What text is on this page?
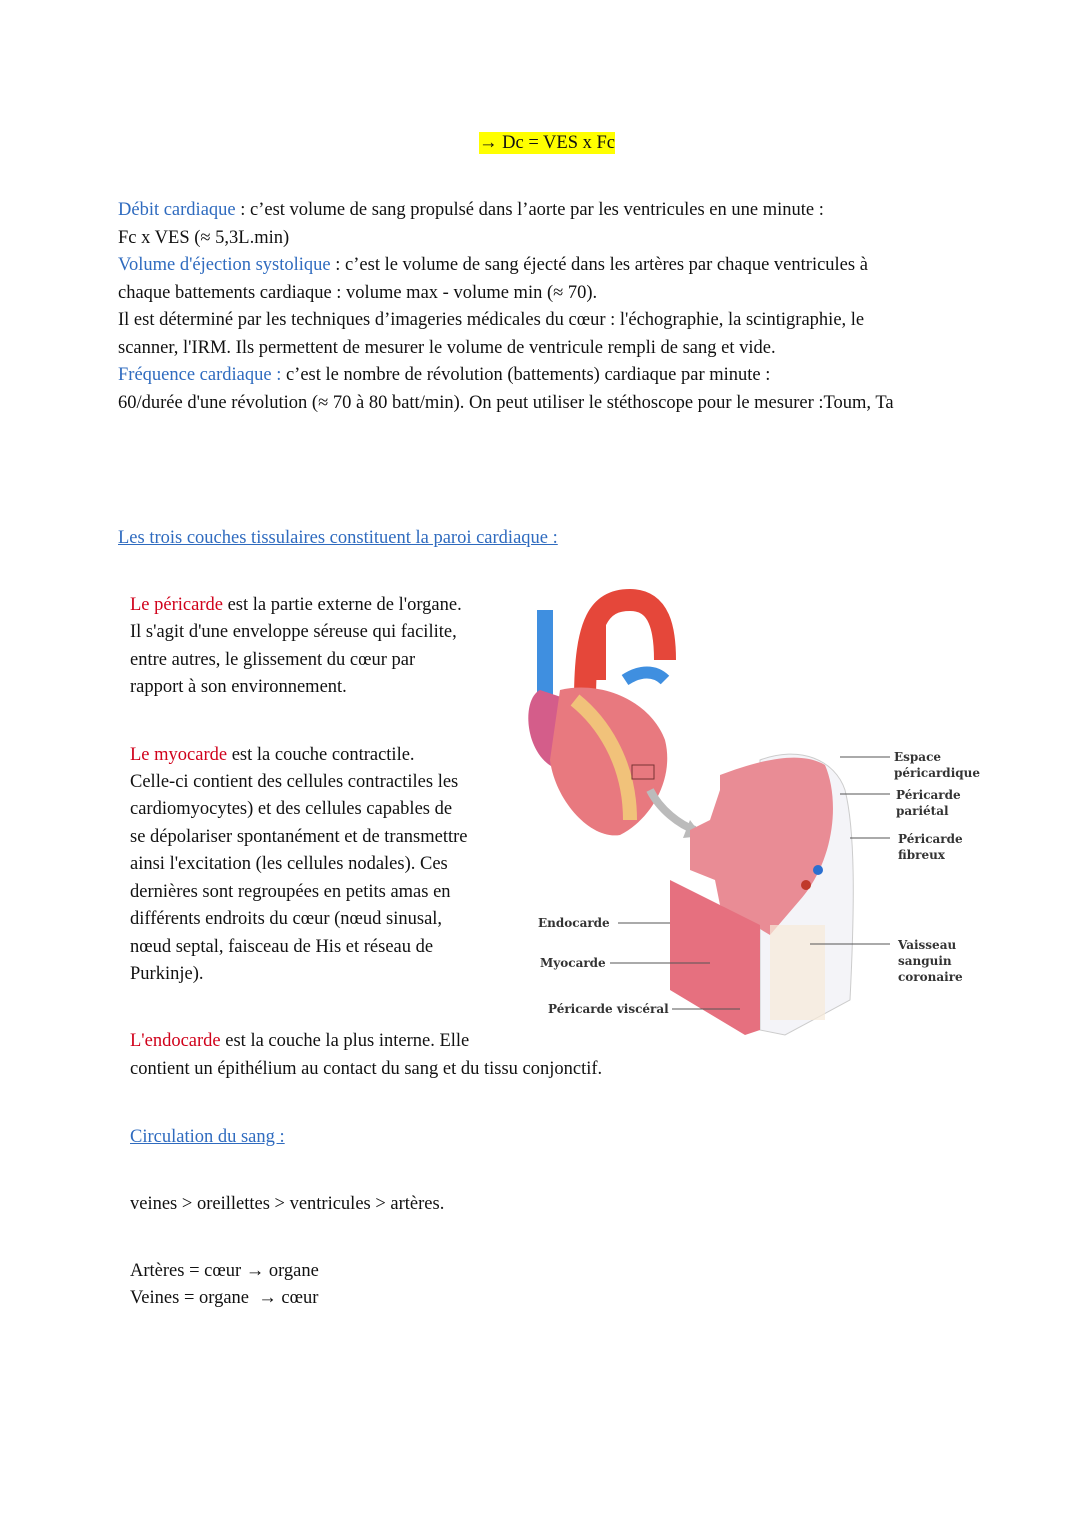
→ Dc = VES x Fc
Débit cardiaque : c’est volume de sang propulsé dans l’aorte par les ventricules en une minute :
Fc x VES (≈ 5,3L.min)
Volume d'éjection systolique : c’est le volume de sang éjecté dans les artères par chaque ventricules à
chaque battements cardiaque : volume max - volume min (≈ 70).
Il est déterminé par les techniques d’imageries médicales du cœur : l'échographie, la scintigraphie, le
scanner, l'IRM. Ils permettent de mesurer le volume de ventricule rempli de sang et vide.
Fréquence cardiaque : c’est le nombre de révolution (battements) cardiaque par minute :
60/durée d'une révolution (≈ 70 à 80 batt/min). On peut utiliser le stéthoscope pour le mesurer :Toum, Ta
Les trois couches tissulaires constituent la paroi cardiaque :
Le péricarde est la partie externe de l'organe.
Il s'agit d'une enveloppe séreuse qui facilite,
entre autres, le glissement du cœur par
rapport à son environnement.
Le myocarde est la couche contractile.
Celle-ci contient des cellules contractiles les
cardiomyocytes) et des cellules capables de
se dépolariser spontanément et de transmettre
ainsi l'excitation (les cellules nodales). Ces
dernières sont regroupées en petits amas en
différents endroits du cœur (nœud sinusal,
nœud septal, faisceau de His et réseau de
Purkinje).
L'endocarde est la couche la plus interne. Elle
contient un épithélium au contact du sang et du tissu conjonctif.
Espace
péricardique
Péricarde
pariétal
Péricarde
fibreux
Vaisseau
sanguin
coronaire
Endocarde
Myocarde
Péricarde viscéral
Circulation du sang :
veines > oreillettes > ventricules > artères.
Artères = cœur → organe
Veines = organe  → cœur
